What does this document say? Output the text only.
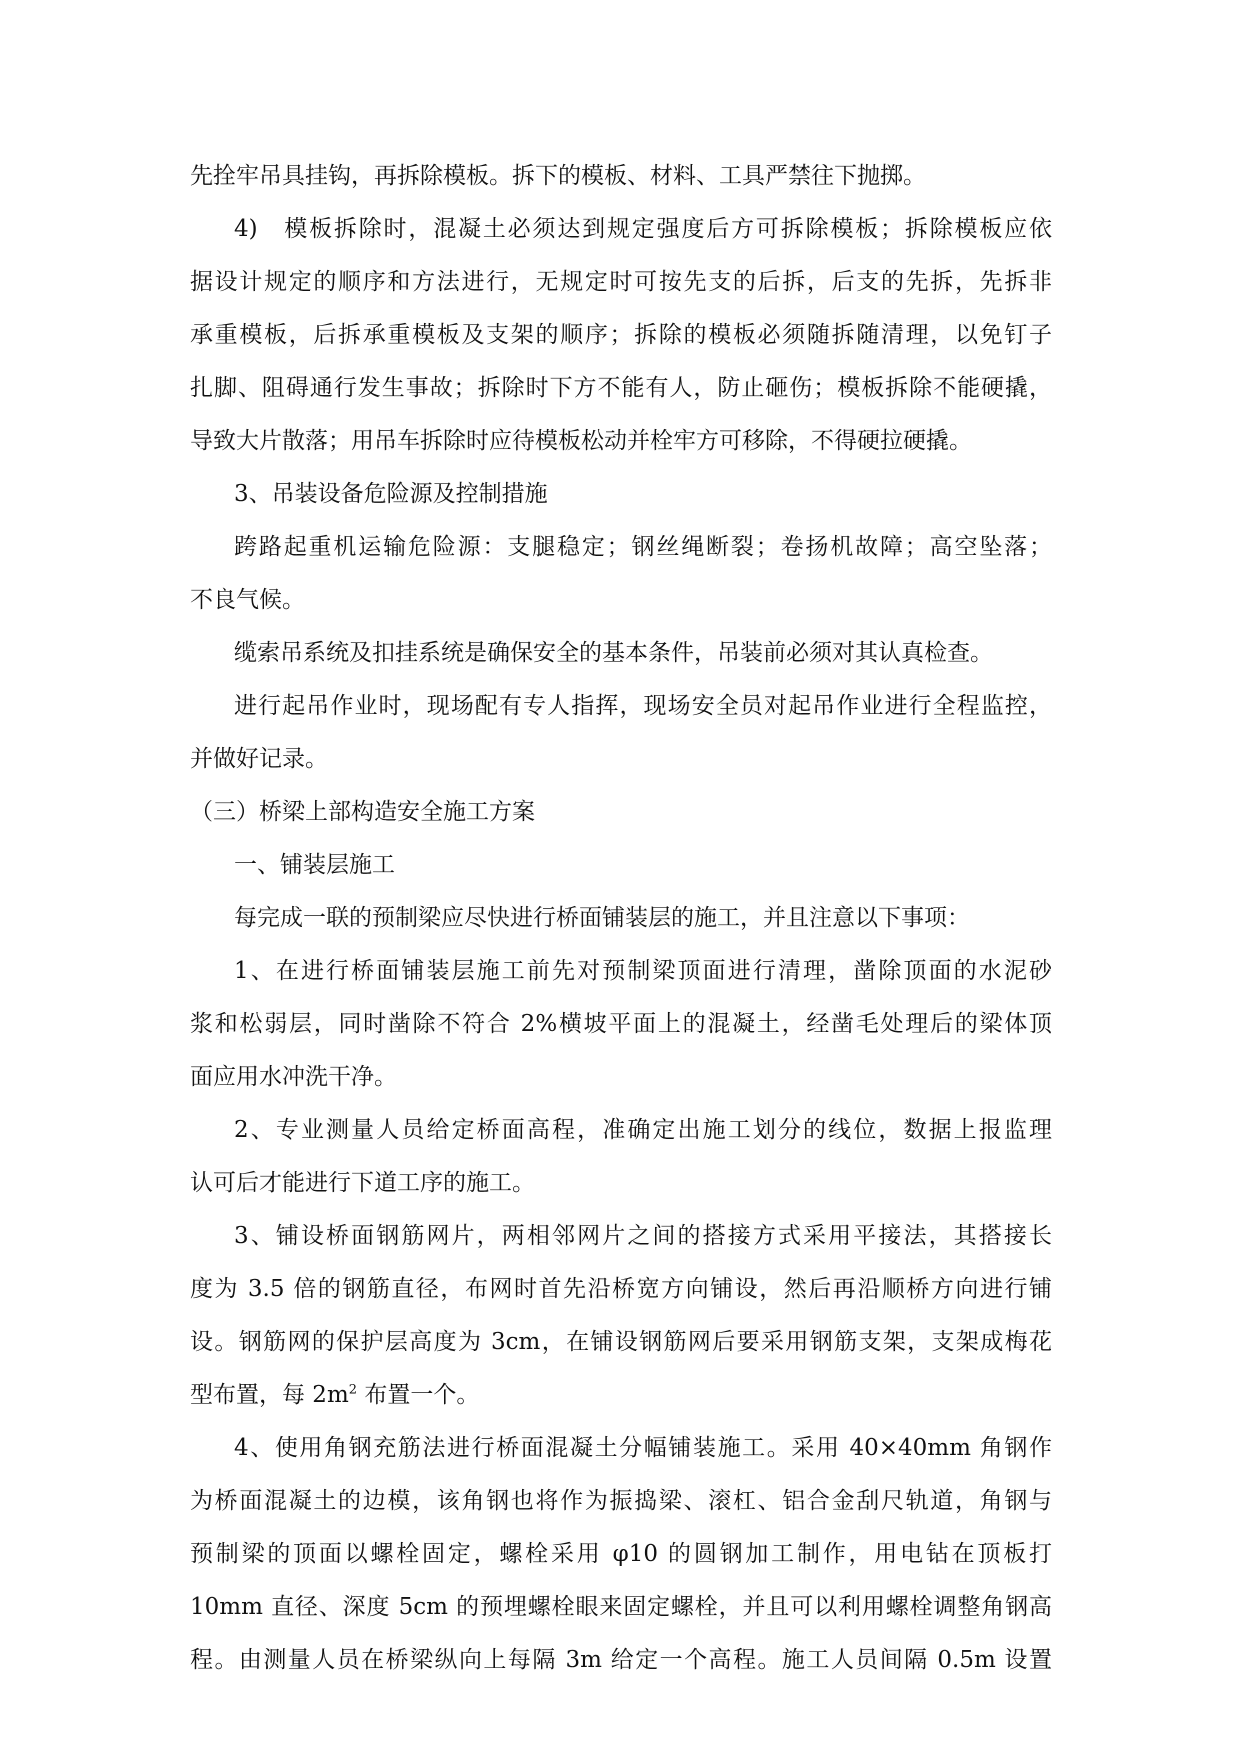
先拴牢吊具挂钩，再拆除模板。拆下的模板、材料、工具严禁往下抛掷。
4)　模板拆除时，混凝土必须达到规定强度后方可拆除模板；拆除模板应依
据设计规定的顺序和方法进行，无规定时可按先支的后拆，后支的先拆，先拆非
承重模板，后拆承重模板及支架的顺序；拆除的模板必须随拆随清理，以免钉子
扎脚、阻碍通行发生事故；拆除时下方不能有人，防止砸伤；模板拆除不能硬撬，
导致大片散落；用吊车拆除时应待模板松动并栓牢方可移除，不得硬拉硬撬。
3、吊装设备危险源及控制措施
跨路起重机运输危险源：支腿稳定；钢丝绳断裂；卷扬机故障；高空坠落；
不良气候。
缆索吊系统及扣挂系统是确保安全的基本条件，吊装前必须对其认真检查。
进行起吊作业时，现场配有专人指挥，现场安全员对起吊作业进行全程监控，
并做好记录。
（三）桥梁上部构造安全施工方案
一、铺装层施工
每完成一联的预制梁应尽快进行桥面铺装层的施工，并且注意以下事项：
1、在进行桥面铺装层施工前先对预制梁顶面进行清理，凿除顶面的水泥砂
浆和松弱层，同时凿除不符合 2%横坡平面上的混凝土，经凿毛处理后的梁体顶
面应用水冲洗干净。
2、专业测量人员给定桥面高程，准确定出施工划分的线位，数据上报监理
认可后才能进行下道工序的施工。
3、铺设桥面钢筋网片，两相邻网片之间的搭接方式采用平接法，其搭接长
度为 3.5 倍的钢筋直径，布网时首先沿桥宽方向铺设，然后再沿顺桥方向进行铺
设。钢筋网的保护层高度为 3cm，在铺设钢筋网后要采用钢筋支架，支架成梅花
型布置，每 $2m^2$ 布置一个。
4、使用角钢充筋法进行桥面混凝土分幅铺装施工。采用 40×40mm 角钢作
为桥面混凝土的边模，该角钢也将作为振捣梁、滚杠、铝合金刮尺轨道，角钢与
预制梁的顶面以螺栓固定，螺栓采用 φ10 的圆钢加工制作，用电钻在顶板打
10mm 直径、深度 5cm 的预埋螺栓眼来固定螺栓，并且可以利用螺栓调整角钢高
程。由测量人员在桥梁纵向上每隔 3m 给定一个高程。施工人员间隔 0.5m 设置
